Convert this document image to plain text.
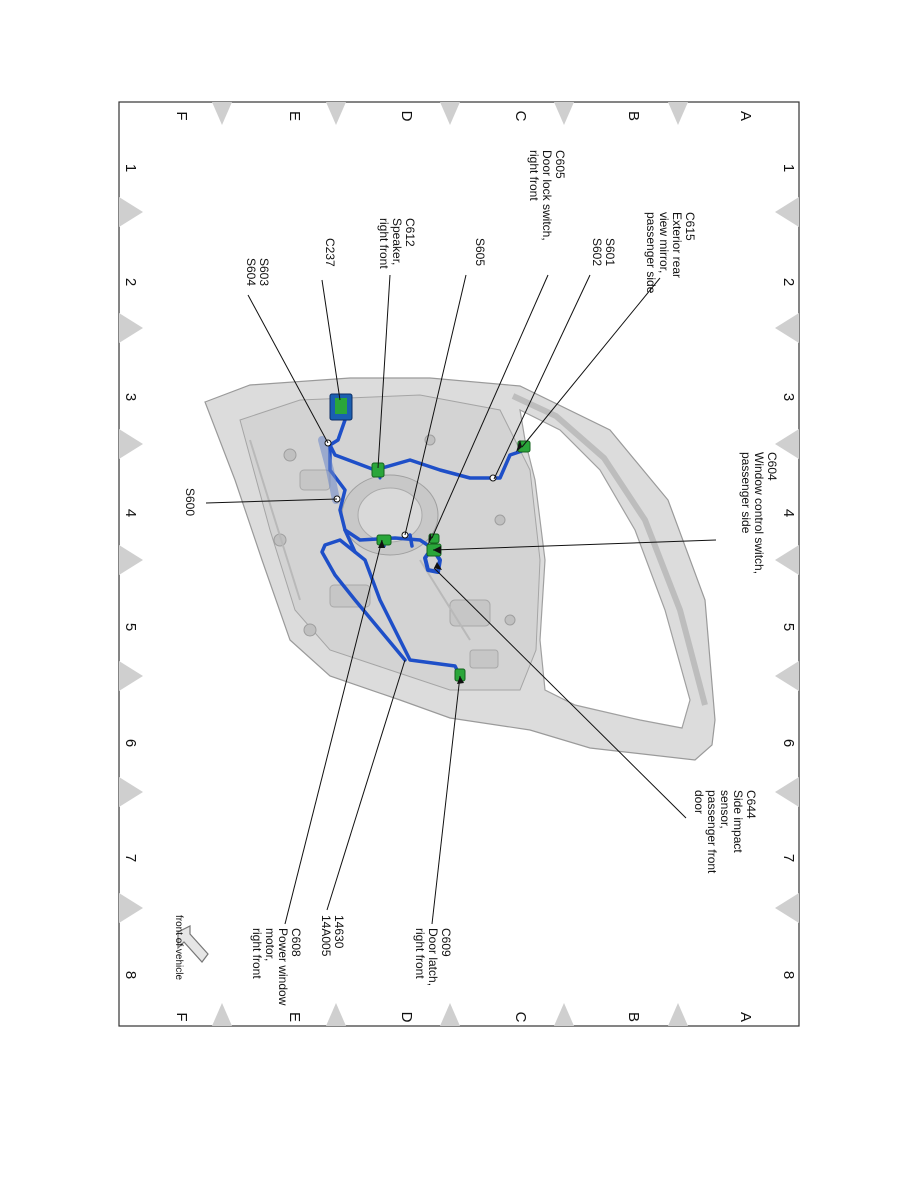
1
1
2
2
3
3
4
4
5
5
6
6
7
7
8
8
A
A
B
B
C
C
D
D
E
E
F
F
C615
Exterior rear
view mirror,
passenger side
S601
S602
C605
Door lock switch,
right front
S605
C612
Speaker,
right front
C237
S603
S604
S600
C604
Window control switch,
passenger side
C644
Side impact
sensor,
passenger front
door
C609
Door latch,
right front
14630
14A005
C608
Power window
motor,
right front
front of vehicle
